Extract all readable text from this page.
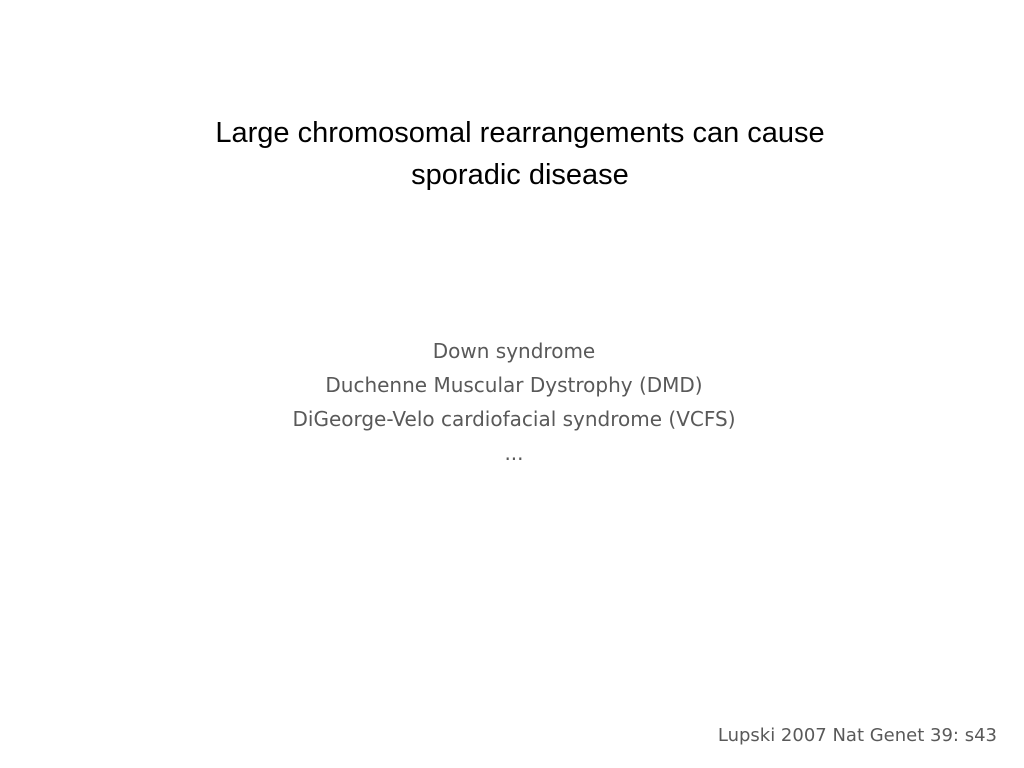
Large chromosomal rearrangements can cause
sporadic disease
Down syndrome
Duchenne Muscular Dystrophy (DMD)
DiGeorge-Velo cardiofacial syndrome (VCFS)
...
Lupski 2007 Nat Genet 39: s43
